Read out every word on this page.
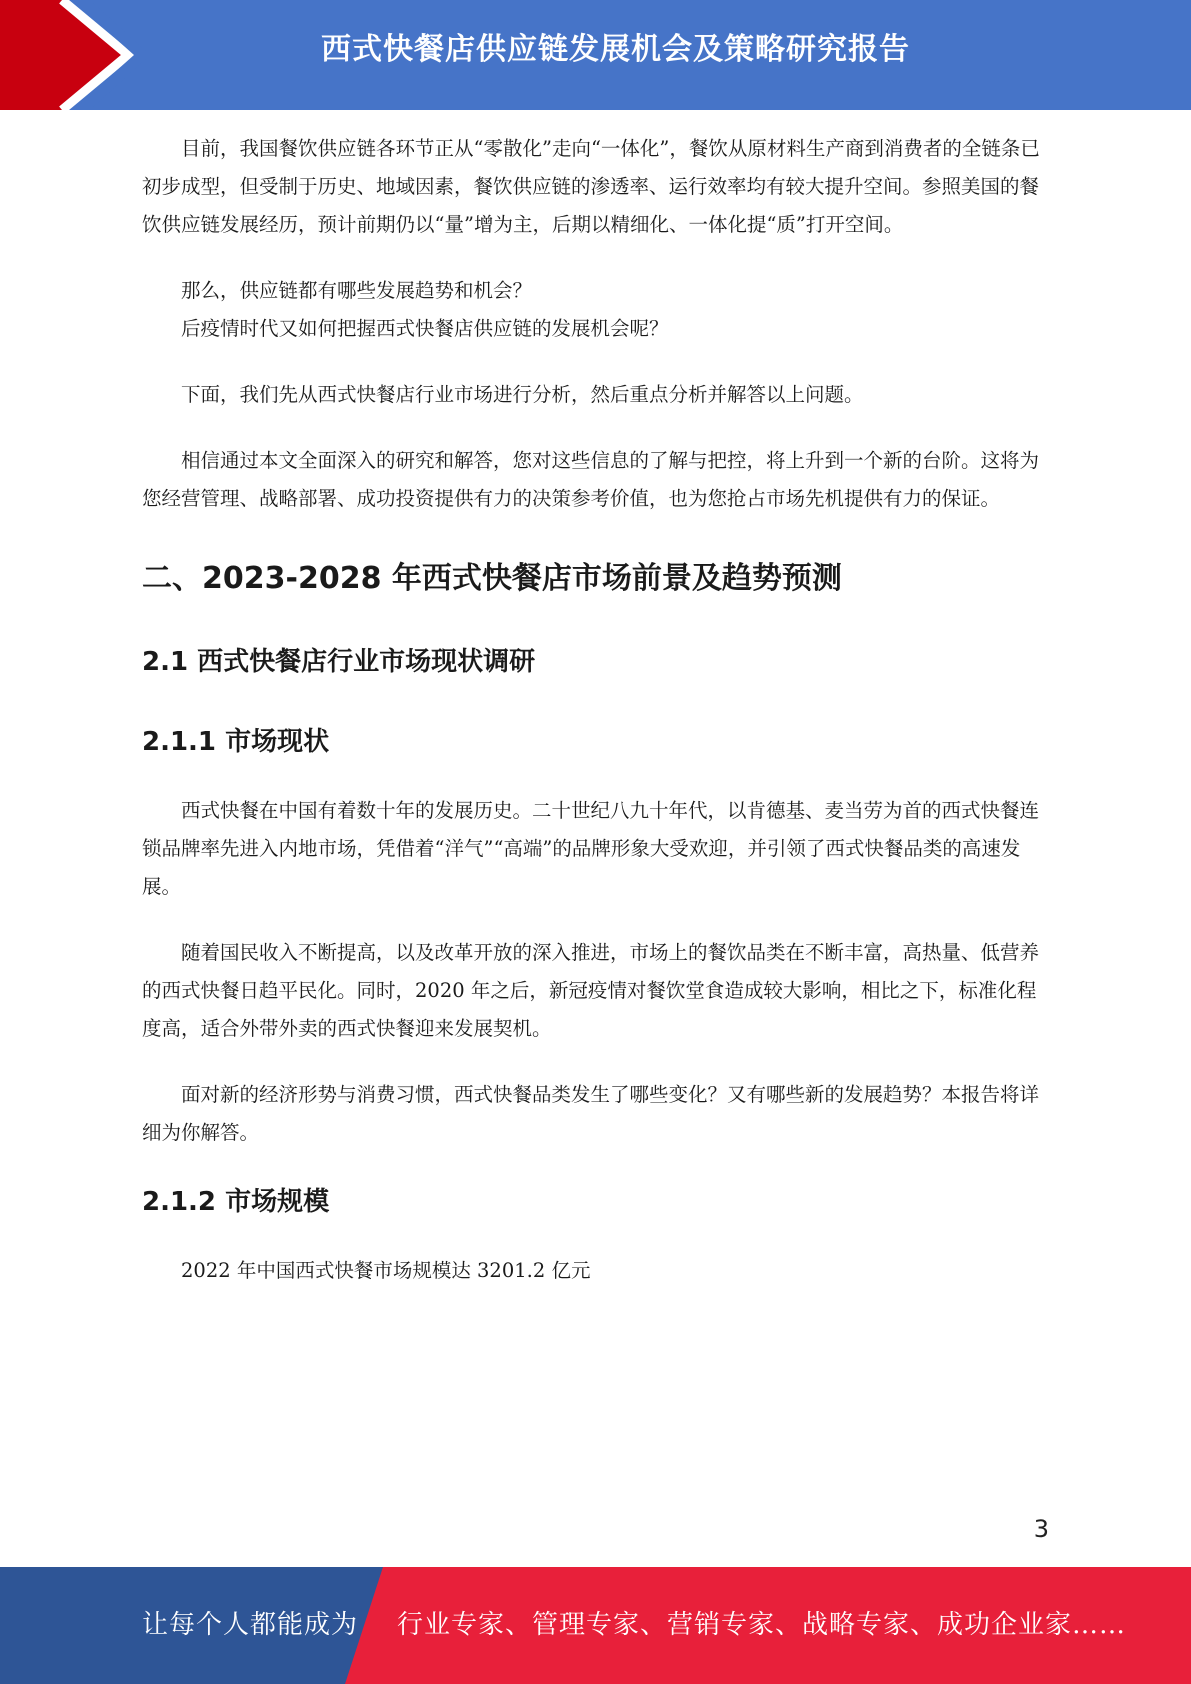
西式快餐店供应链发展机会及策略研究报告

目前，我国餐饮供应链各环节正从“零散化”走向“一体化”，餐饮从原材料生产商到消费者的全链条已初步成型，但受制于历史、地域因素，餐饮供应链的渗透率、运行效率均有较大提升空间。参照美国的餐饮供应链发展经历，预计前期仍以“量”增为主，后期以精细化、一体化提“质”打开空间。

那么，供应链都有哪些发展趋势和机会？

后疫情时代又如何把握西式快餐店供应链的发展机会呢？

下面，我们先从西式快餐店行业市场进行分析，然后重点分析并解答以上问题。

相信通过本文全面深入的研究和解答，您对这些信息的了解与把控，将上升到一个新的台阶。这将为您经营管理、战略部署、成功投资提供有力的决策参考价值，也为您抢占市场先机提供有力的保证。

二、2023-2028 年西式快餐店市场前景及趋势预测
2.1 西式快餐店行业市场现状调研
2.1.1 市场现状

西式快餐在中国有着数十年的发展历史。二十世纪八九十年代，以肯德基、麦当劳为首的西式快餐连锁品牌率先进入内地市场，凭借着“洋气”“高端”的品牌形象大受欢迎，并引领了西式快餐品类的高速发展。

随着国民收入不断提高，以及改革开放的深入推进，市场上的餐饮品类在不断丰富，高热量、低营养的西式快餐日趋平民化。同时，2020 年之后，新冠疫情对餐饮堂食造成较大影响，相比之下，标准化程度高，适合外带外卖的西式快餐迎来发展契机。

面对新的经济形势与消费习惯，西式快餐品类发生了哪些变化？又有哪些新的发展趋势？本报告将详细为你解答。

2.1.2 市场规模

2022 年中国西式快餐市场规模达 3201.2 亿元

3
让每个人都能成为 行业专家、管理专家、营销专家、战略专家、成功企业家……
